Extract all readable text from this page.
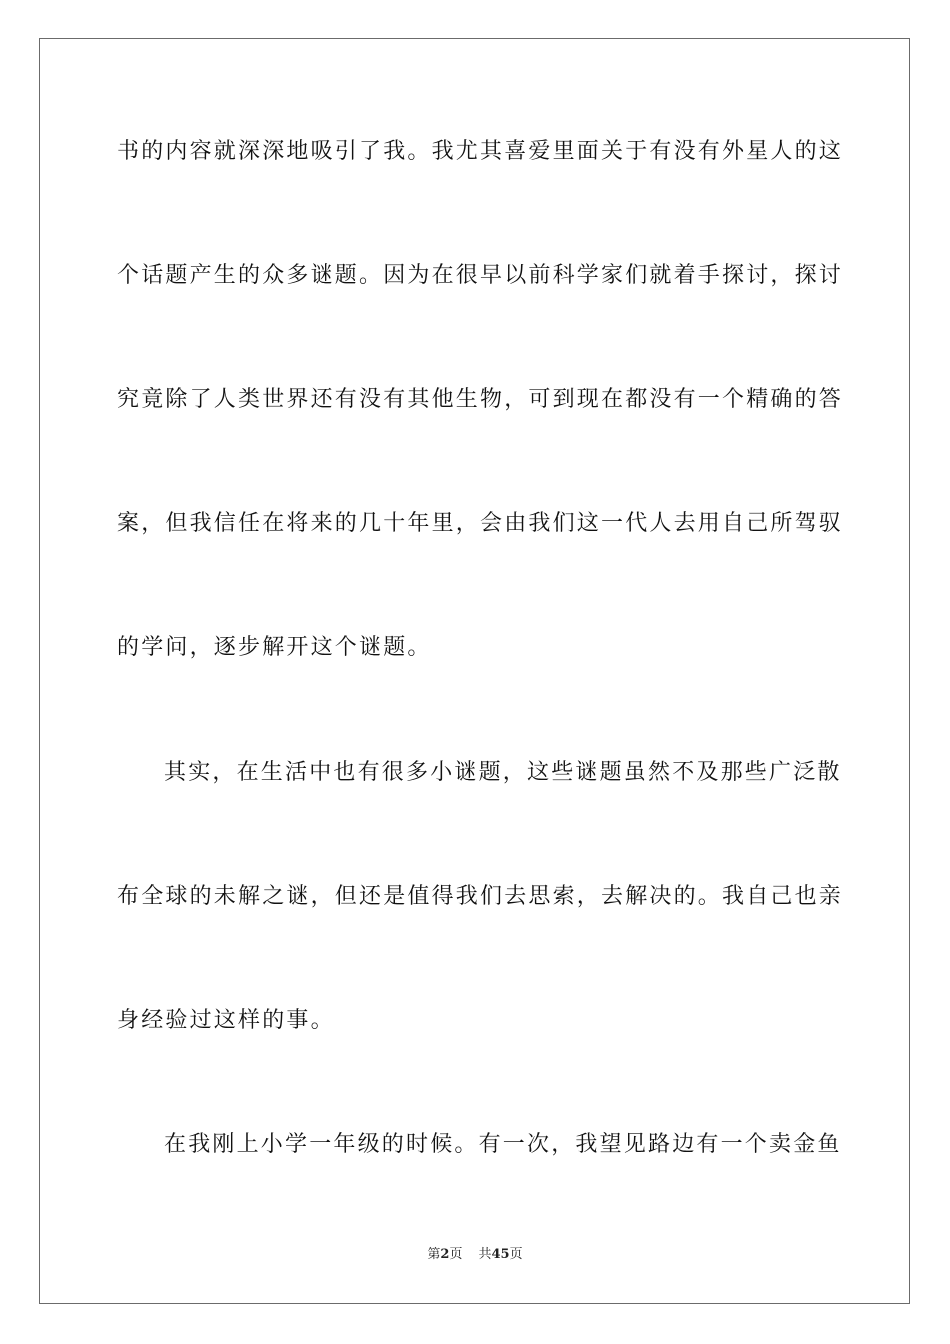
书的内容就深深地吸引了我。我尤其喜爱里面关于有没有外星人的这
个话题产生的众多谜题。因为在很早以前科学家们就着手探讨，探讨
究竟除了人类世界还有没有其他生物，可到现在都没有一个精确的答
案，但我信任在将来的几十年里，会由我们这一代人去用自己所驾驭
的学问，逐步解开这个谜题。
其实，在生活中也有很多小谜题，这些谜题虽然不及那些广泛散
布全球的未解之谜，但还是值得我们去思索，去解决的。我自己也亲
身经验过这样的事。
在我刚上小学一年级的时候。有一次，我望见路边有一个卖金鱼
第2页 共45页
